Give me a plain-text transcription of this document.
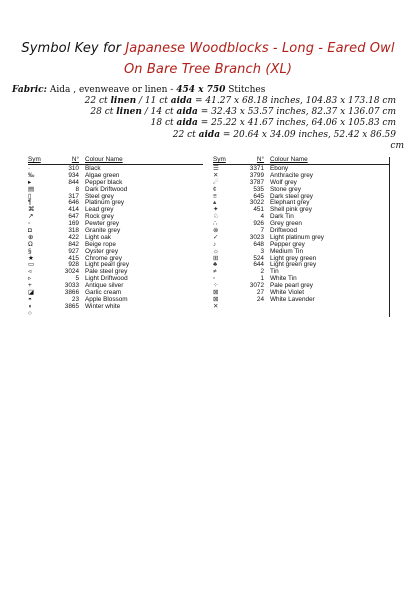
Symbol Key for Japanese Woodblocks - Long - Eared Owl On Bare Tree Branch (XL)
Fabric: Aida , evenweave or linen - 454 x 750 Stitches
22 ct linen / 11 ct aida = 41.27 x 68.18 inches, 104.83 x 173.18 cm
28 ct linen / 14 ct aida = 32.43 x 53.57 inches, 82.37 x 136.07 cm
18 ct aida = 25.22 x 41.67 inches, 64.06 x 105.83 cm
22 ct aida = 20.64 x 34.09 inches, 52.42 x 86.59
cm
Sym	N° Colour Name
·	310 Black
‰	934 Algae green
▸	844 Pepper black
▤	8 Dark Driftwood
▯	317 Steel grey
¶	646 Platinum grey
⌘	414 Lead grey
↗	647 Rock grey
◦	169 Pewter grey
◘	318 Granite grey
⊕	422 Light oak
Ω	842 Beige rope
§	927 Oyster grey
★	415 Chrome grey
▭	928 Light pearl grey
◃	3024 Pale steel grey
▹	5 Light Driftwood
+	3033 Antique silver
◪	3866 Garlic cream
◓	23 Apple Blossom
◖	3865 Winter white
○
Sym	N° Colour Name
☰	3371 Ebony
✕	3799 Anthracite grey
☄	3787 Wolf grey
¢	535 Stone grey
≡	645 Dark steel grey
▴	3022 Elephant grey
✦	451 Shell pink grey
♘	4 Dark Tin
∴	926 Grey green
⊗	7 Driftwood
✓	3023 Light platinum grey
♪	648 Pepper grey
☼	3 Medium Tin
⊞	524 Light grey green
♣	644 Light green grey
≠	2 Tin
▫	1 White Tin
⁘	3072 Pale pearl grey
⊠	27 White Violet
⊠	24 White Lavender
✕
